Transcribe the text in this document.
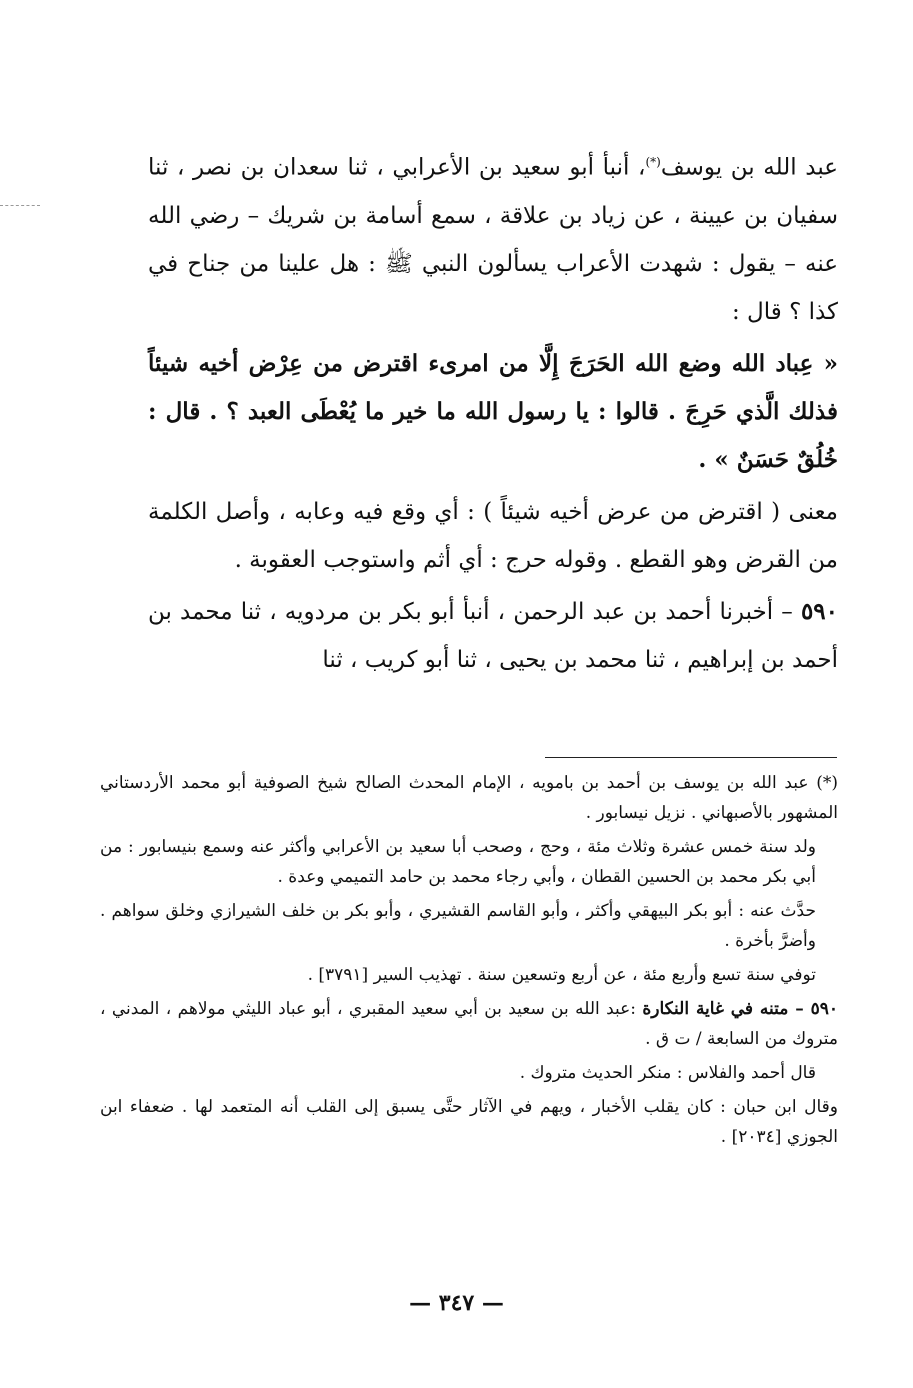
عبد الله بن يوسف(*)، أنبأ أبو سعيد بن الأعرابي ، ثنا سعدان بن نصر ، ثنا سفيان بن عيينة ، عن زياد بن علاقة ، سمع أسامة بن شريك – رضي الله عنه – يقول : شهدت الأعراب يسألون النبي ﷺ : هل علينا من جناح في كذا ؟ قال :

« عِباد الله وضع الله الحَرَجَ إِلَّا من امرىء اقترض من عِرْض أخيه شيئاً فذلك الَّذي حَرِجَ . قالوا : يا رسول الله ما خير ما يُعْطَى العبد ؟ . قال : خُلُقٌ حَسَنٌ » .

معنى ( اقترض من عرض أخيه شيئاً ) : أي وقع فيه وعابه ، وأصل الكلمة من القرض وهو القطع . وقوله حرج : أي أثم واستوجب العقوبة .

٥٩٠ – أخبرنا أحمد بن عبد الرحمن ، أنبأ أبو بكر بن مردويه ، ثنا محمد بن أحمد بن إبراهيم ، ثنا محمد بن يحيى ، ثنا أبو كريب ، ثنا

(*) عبد الله بن يوسف بن أحمد بن بامويه ، الإمام المحدث الصالح شيخ الصوفية أبو محمد الأردستاني المشهور بالأصبهاني . نزيل نيسابور .

ولد سنة خمس عشرة وثلاث مئة ، وحج ، وصحب أبا سعيد بن الأعرابي وأكثر عنه وسمع بنيسابور : من أبي بكر محمد بن الحسين القطان ، وأبي رجاء محمد بن حامد التميمي وعدة .

حدَّث عنه : أبو بكر البيهقي وأكثر ، وأبو القاسم القشيري ، وأبو بكر بن خلف الشيرازي وخلق سواهم . وأضرَّ بأخرة .

توفي سنة تسع وأربع مئة ، عن أربع وتسعين سنة . تهذيب السير [٣٧٩١] .

٥٩٠ – متنه في غاية النكارة :عبد الله بن سعيد بن أبي سعيد المقبري ، أبو عباد الليثي مولاهم ، المدني ، متروك من السابعة / ت ق .

قال أحمد والفلاس : منكر الحديث متروك .

وقال ابن حبان : كان يقلب الأخبار ، ويهم في الآثار حتَّى يسبق إلى القلب أنه المتعمد لها . ضعفاء ابن الجوزي [٢٠٣٤] .

— ٣٤٧ —
